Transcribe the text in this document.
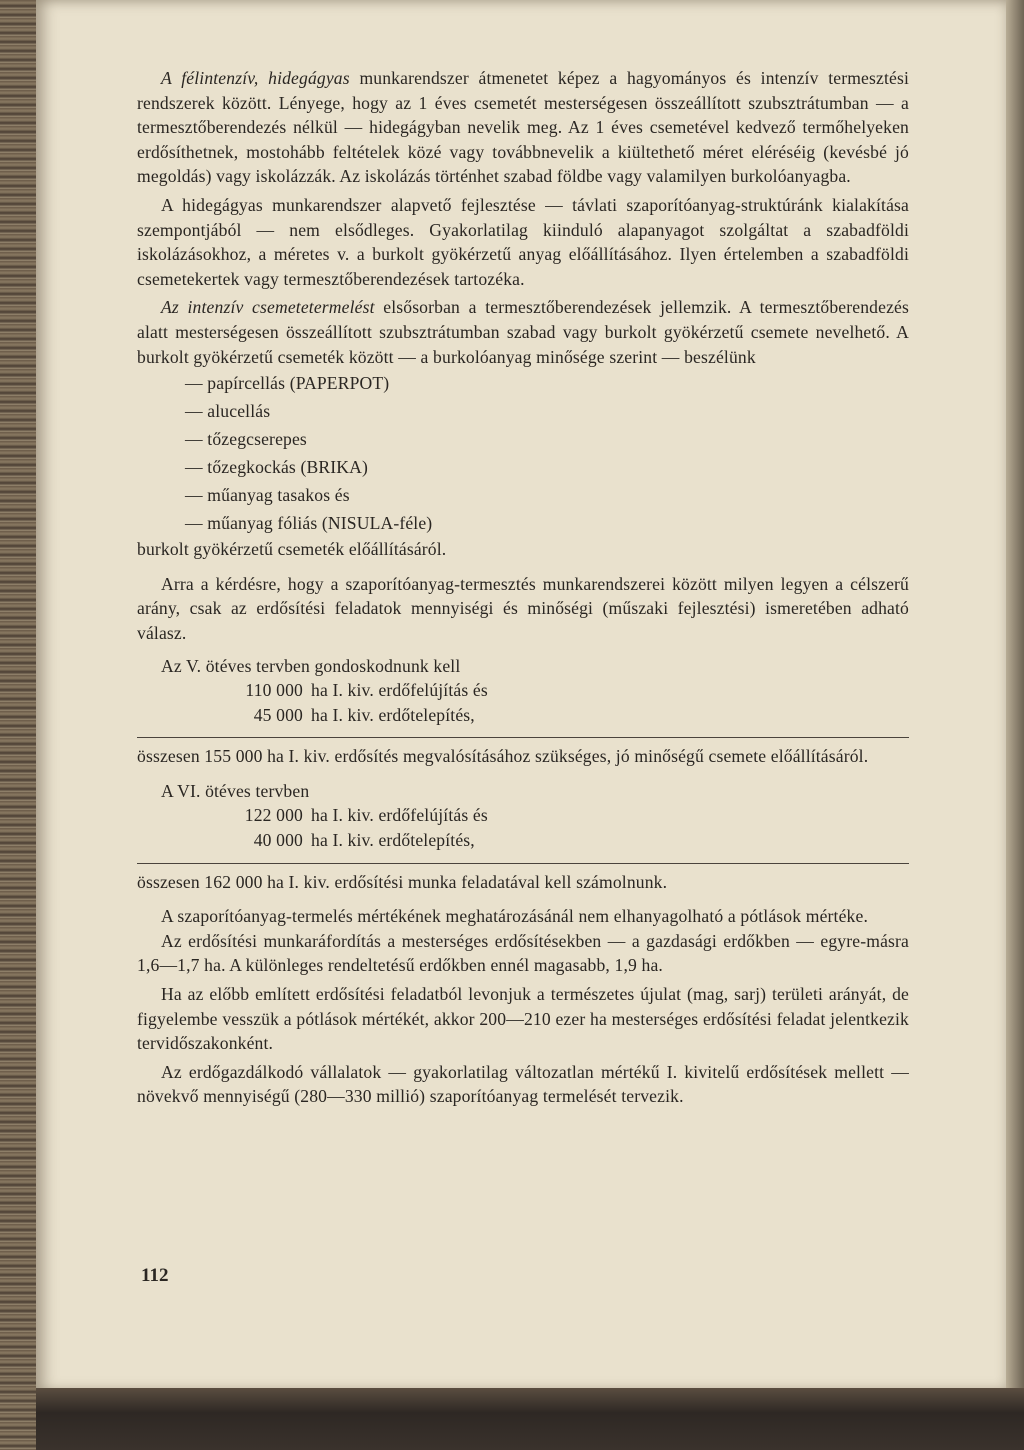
A félintenzív, hidegágyas munkarendszer átmenetet képez a hagyományos és intenzív termesztési rendszerek között. Lényege, hogy az 1 éves csemetét mesterségesen összeállított szubsztrátumban — a termesztőberendezés nélkül — hidegágyban nevelik meg. Az 1 éves csemetével kedvező termőhelyeken erdősíthetnek, mostohább feltételek közé vagy továbbnevelik a kiültethető méret eléréséig (kevésbé jó megoldás) vagy iskolázzák. Az iskolázás történhet szabad földbe vagy valamilyen burkolóanyagba.

A hidegágyas munkarendszer alapvető fejlesztése — távlati szaporítóanyag-struktúránk kialakítása szempontjából — nem elsődleges. Gyakorlatilag kiinduló alapanyagot szolgáltat a szabadföldi iskolázásokhoz, a méretes v. a burkolt gyökérzetű anyag előállításához. Ilyen értelemben a szabadföldi csemetekertek vagy termesztőberendezések tartozéka.

Az intenzív csemetetermelést elsősorban a termesztőberendezések jellemzik. A termesztőberendezés alatt mesterségesen összeállított szubsztrátumban szabad vagy burkolt gyökérzetű csemete nevelhető. A burkolt gyökérzetű csemeték között — a burkolóanyag minősége szerint — beszélünk

— papírcellás (PAPERPOT)

— alucellás

— tőzegcserepes

— tőzegkockás (BRIKA)

— műanyag tasakos és

— műanyag fóliás (NISULA-féle)

burkolt gyökérzetű csemeték előállításáról.

Arra a kérdésre, hogy a szaporítóanyag-termesztés munkarendszerei között milyen legyen a célszerű arány, csak az erdősítési feladatok mennyiségi és minőségi (műszaki fejlesztési) ismeretében adható válasz.

Az V. ötéves tervben gondoskodnunk kell

110 000 ha I. kiv. erdőfelújítás és
45 000 ha I. kiv. erdőtelepítés,

összesen 155 000 ha I. kiv. erdősítés megvalósításához szükséges, jó minőségű csemete előállításáról.

A VI. ötéves tervben

122 000 ha I. kiv. erdőfelújítás és
40 000 ha I. kiv. erdőtelepítés,

összesen 162 000 ha I. kiv. erdősítési munka feladatával kell számolnunk.

A szaporítóanyag-termelés mértékének meghatározásánál nem elhanyagolható a pótlások mértéke.

Az erdősítési munkaráfordítás a mesterséges erdősítésekben — a gazdasági erdőkben — egyre-másra 1,6—1,7 ha. A különleges rendeltetésű erdőkben ennél magasabb, 1,9 ha.

Ha az előbb említett erdősítési feladatból levonjuk a természetes újulat (mag, sarj) területi arányát, de figyelembe vesszük a pótlások mértékét, akkor 200—210 ezer ha mesterséges erdősítési feladat jelentkezik tervidőszakonként.

Az erdőgazdálkodó vállalatok — gyakorlatilag változatlan mértékű I. kivitelű erdősítések mellett — növekvő mennyiségű (280—330 millió) szaporítóanyag termelését tervezik.

112
